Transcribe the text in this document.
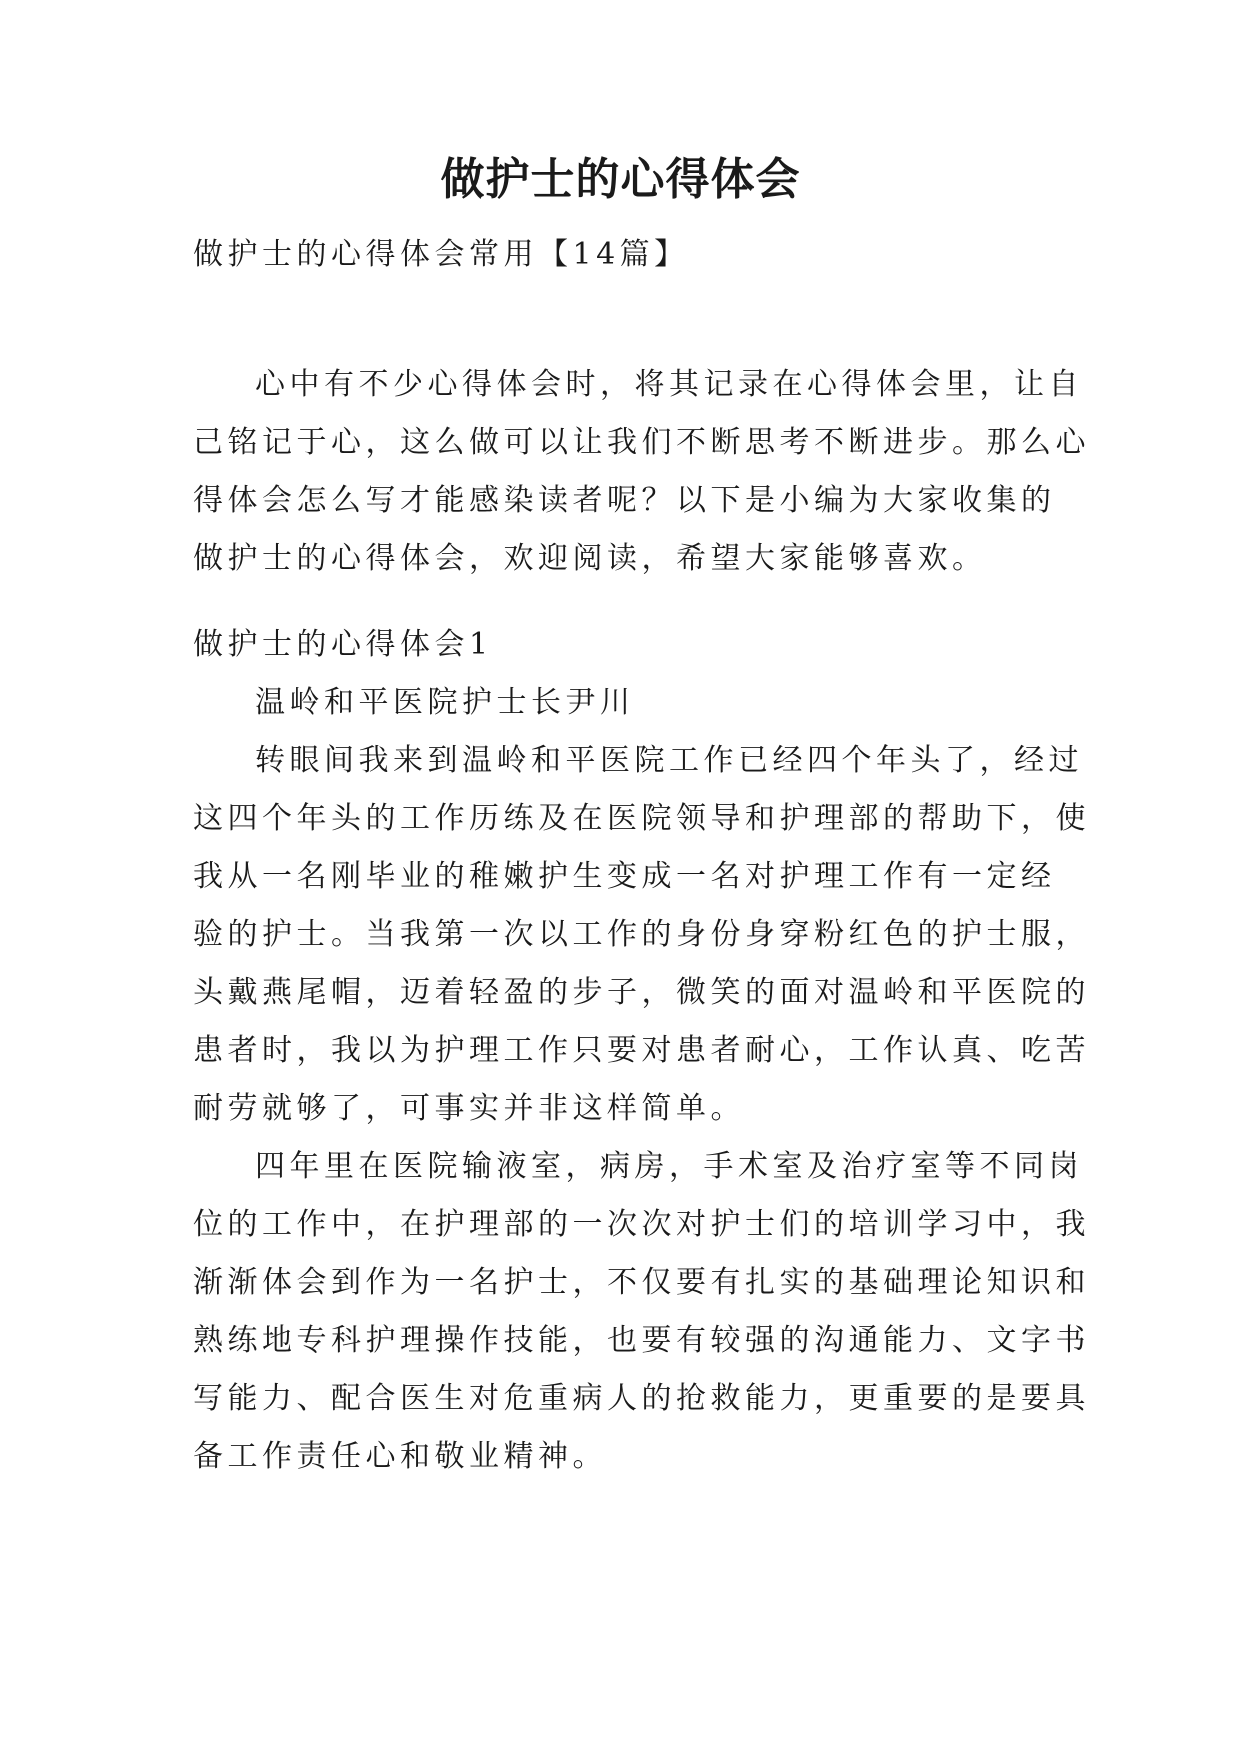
做护士的心得体会

做护士的心得体会常用【14篇】

心中有不少心得体会时，将其记录在心得体会里，让自
己铭记于心，这么做可以让我们不断思考不断进步。那么心
得体会怎么写才能感染读者呢？以下是小编为大家收集的
做护士的心得体会，欢迎阅读，希望大家能够喜欢。

做护士的心得体会1

温岭和平医院护士长尹川

转眼间我来到温岭和平医院工作已经四个年头了，经过
这四个年头的工作历练及在医院领导和护理部的帮助下，使
我从一名刚毕业的稚嫩护生变成一名对护理工作有一定经
验的护士。当我第一次以工作的身份身穿粉红色的护士服，
头戴燕尾帽，迈着轻盈的步子，微笑的面对温岭和平医院的
患者时，我以为护理工作只要对患者耐心，工作认真、吃苦
耐劳就够了，可事实并非这样简单。
四年里在医院输液室，病房，手术室及治疗室等不同岗
位的工作中，在护理部的一次次对护士们的培训学习中，我
渐渐体会到作为一名护士，不仅要有扎实的基础理论知识和
熟练地专科护理操作技能，也要有较强的沟通能力、文字书
写能力、配合医生对危重病人的抢救能力，更重要的是要具
备工作责任心和敬业精神。
